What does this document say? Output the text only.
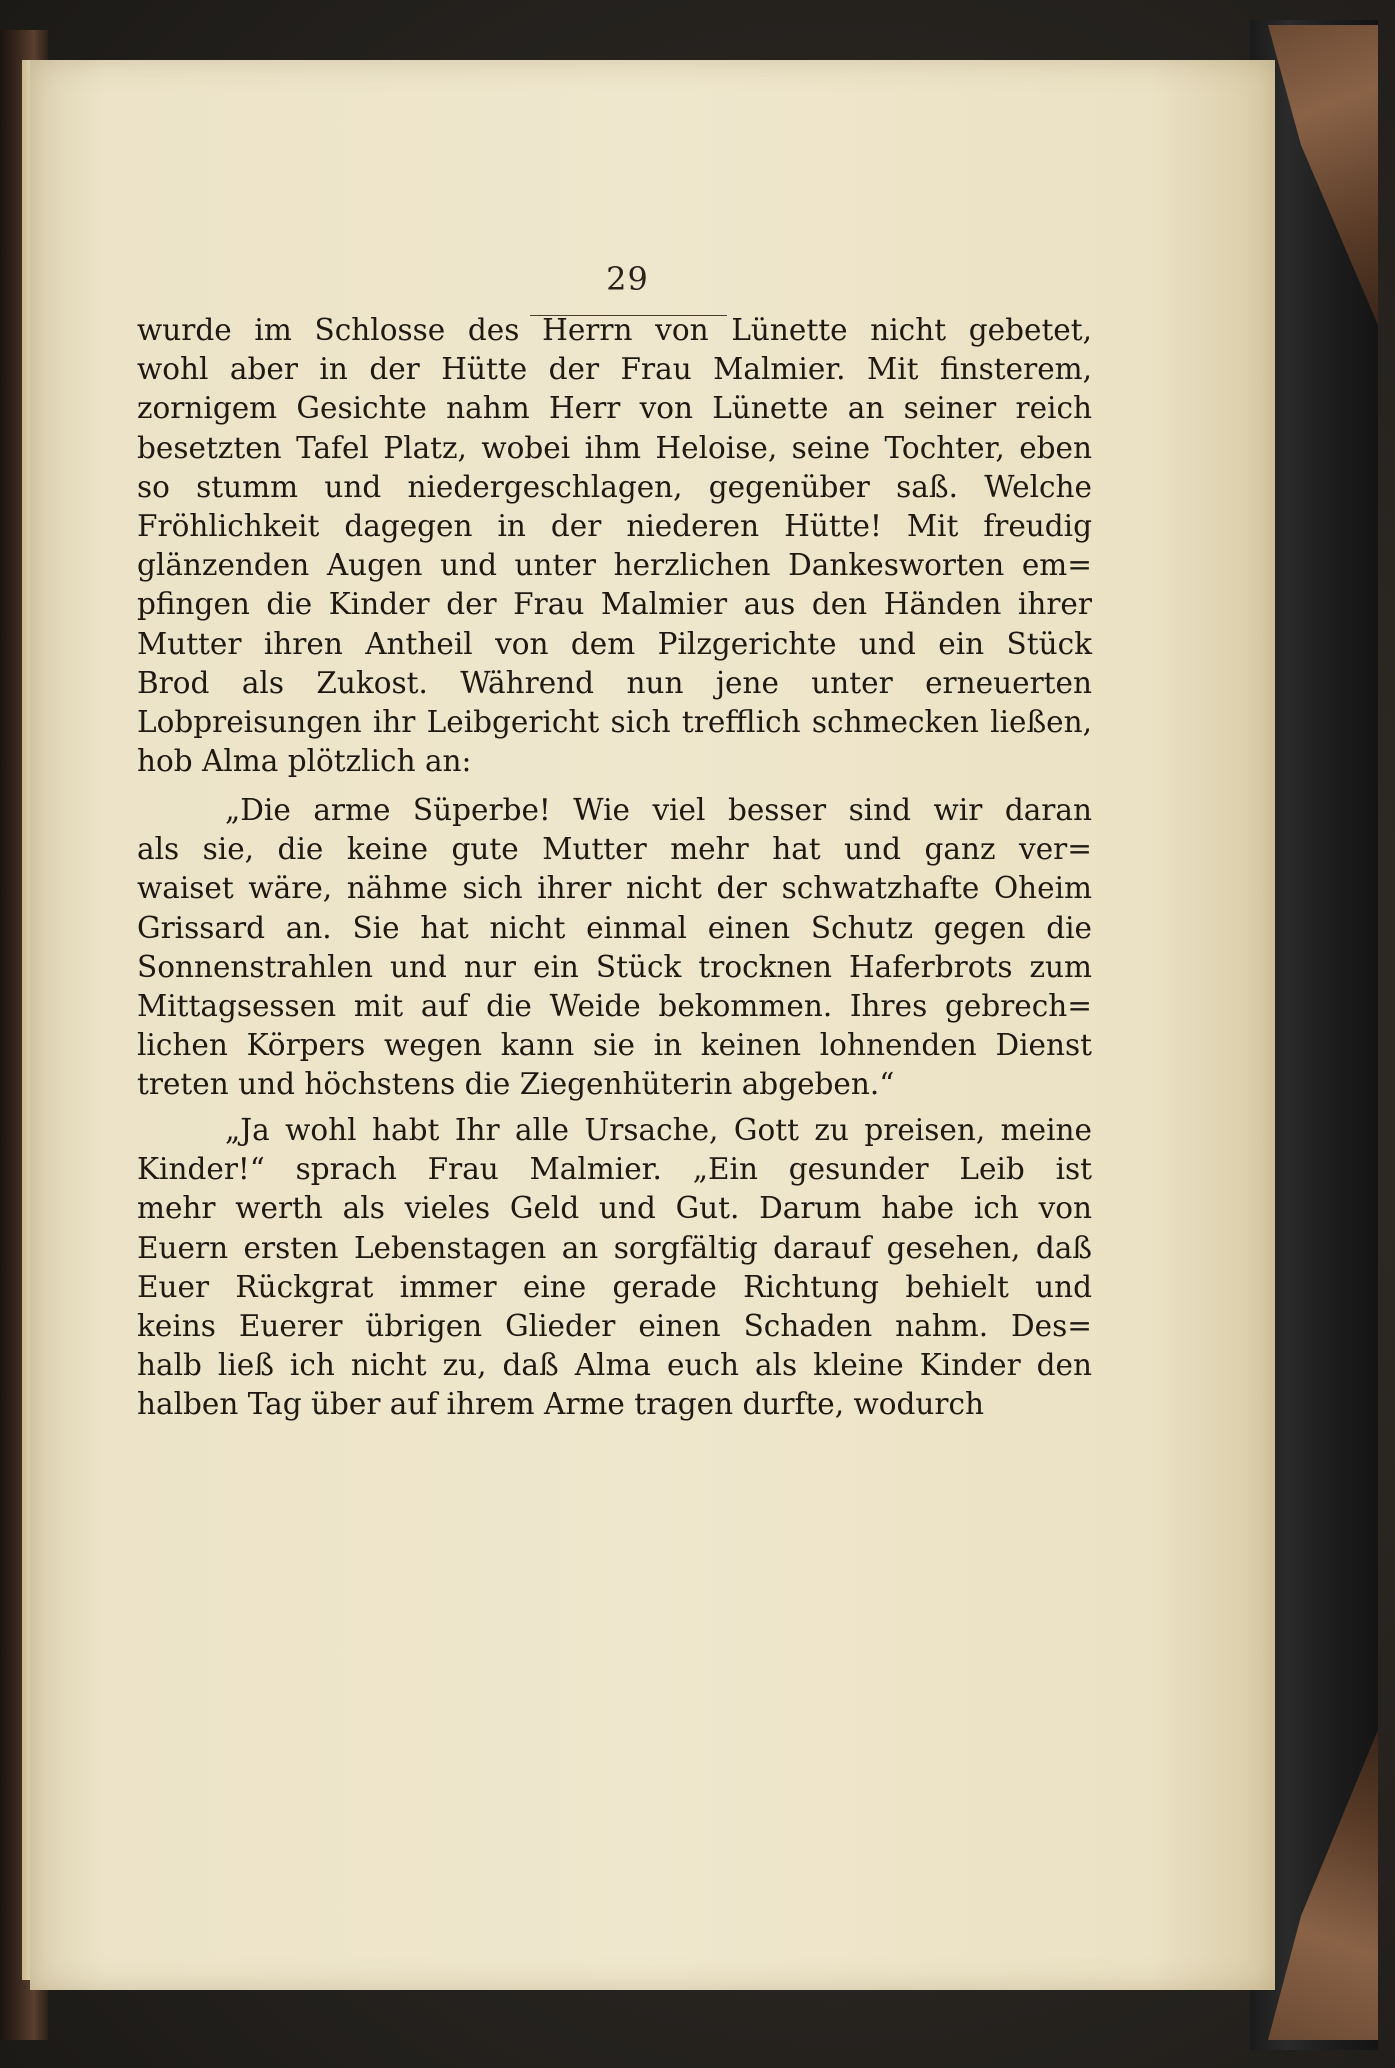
29
wurde im Schlosse des Herrn von Lünette nicht gebetet,
wohl aber in der Hütte der Frau Malmier. Mit finsterem,
zornigem Gesichte nahm Herr von Lünette an seiner reich
besetzten Tafel Platz, wobei ihm Heloise, seine Tochter, eben
so stumm und niedergeschlagen, gegenüber saß. Welche
Fröhlichkeit dagegen in der niederen Hütte! Mit freudig
glänzenden Augen und unter herzlichen Dankesworten em=
pfingen die Kinder der Frau Malmier aus den Händen ihrer
Mutter ihren Antheil von dem Pilzgerichte und ein Stück
Brod als Zukost. Während nun jene unter erneuerten
Lobpreisungen ihr Leibgericht sich trefflich schmecken ließen,
hob Alma plötzlich an:
„Die arme Süperbe! Wie viel besser sind wir daran
als sie, die keine gute Mutter mehr hat und ganz ver=
waiset wäre, nähme sich ihrer nicht der schwatzhafte Oheim
Grissard an. Sie hat nicht einmal einen Schutz gegen die
Sonnenstrahlen und nur ein Stück trocknen Haferbrots zum
Mittagsessen mit auf die Weide bekommen. Ihres gebrech=
lichen Körpers wegen kann sie in keinen lohnenden Dienst
treten und höchstens die Ziegenhüterin abgeben.“
„Ja wohl habt Ihr alle Ursache, Gott zu preisen, meine
Kinder!“ sprach Frau Malmier. „Ein gesunder Leib ist
mehr werth als vieles Geld und Gut. Darum habe ich von
Euern ersten Lebenstagen an sorgfältig darauf gesehen, daß
Euer Rückgrat immer eine gerade Richtung behielt und
keins Euerer übrigen Glieder einen Schaden nahm. Des=
halb ließ ich nicht zu, daß Alma euch als kleine Kinder den
halben Tag über auf ihrem Arme tragen durfte, wodurch
